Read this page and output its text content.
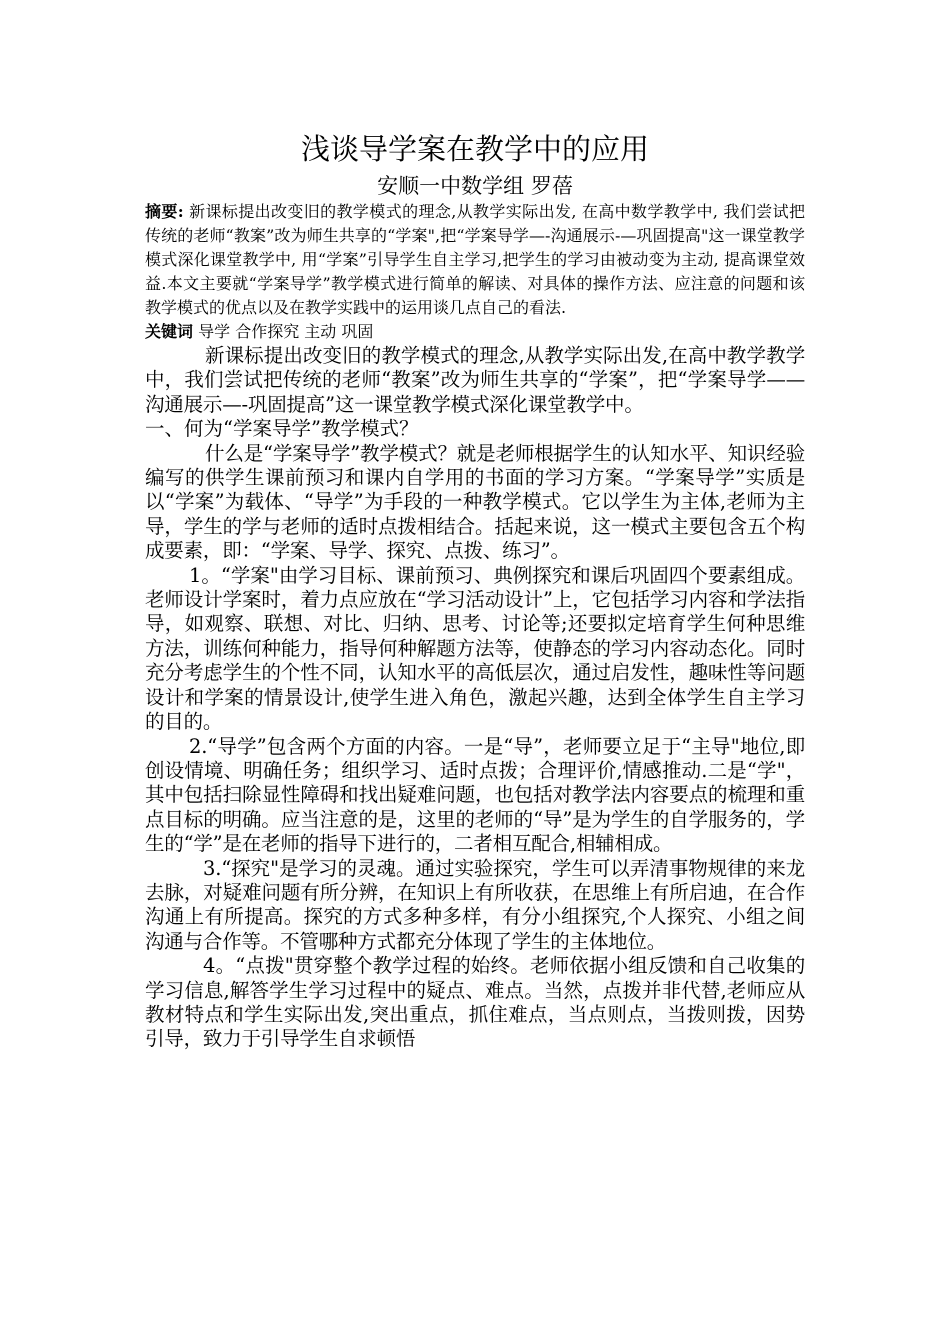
浅谈导学案在教学中的应用

安顺一中数学组 罗蓓

摘要: 新课标提出改变旧的教学模式的理念,从教学实际出发, 在高中数学教学中, 我们尝试把传统的老师“教案”改为师生共享的“学案",把“学案导学—-沟通展示-—巩固提高"这一课堂教学模式深化课堂教学中, 用“学案”引导学生自主学习,把学生的学习由被动变为主动, 提高课堂效益.本文主要就“学案导学”教学模式进行简单的解读、对具体的操作方法、应注意的问题和该教学模式的优点以及在教学实践中的运用谈几点自己的看法.

关键词 导学 合作探究 主动 巩固

新课标提出改变旧的教学模式的理念,从教学实际出发,在高中教学教学中，我们尝试把传统的老师“教案”改为师生共享的“学案”，把“学案导学——沟通展示—-巩固提高”这一课堂教学模式深化课堂教学中。

一、何为“学案导学”教学模式？

什么是“学案导学”教学模式？就是老师根据学生的认知水平、知识经验编写的供学生课前预习和课内自学用的书面的学习方案。“学案导学”实质是以“学案”为载体、“导学”为手段的一种教学模式。它以学生为主体,老师为主导，学生的学与老师的适时点拨相结合。括起来说，这一模式主要包含五个构成要素，即：“学案、导学、探究、点拨、练习”。

1。“学案"由学习目标、课前预习、典例探究和课后巩固四个要素组成。老师设计学案时，着力点应放在“学习活动设计”上，它包括学习内容和学法指导，如观察、联想、对比、归纳、思考、讨论等;还要拟定培育学生何种思维方法，训练何种能力，指导何种解题方法等，使静态的学习内容动态化。同时充分考虑学生的个性不同，认知水平的高低层次，通过启发性，趣味性等问题设计和学案的情景设计,使学生进入角色，激起兴趣，达到全体学生自主学习的目的。

2.“导学”包含两个方面的内容。一是“导”，老师要立足于“主导"地位,即创设情境、明确任务；组织学习、适时点拨；合理评价,情感推动.二是“学"，其中包括扫除显性障碍和找出疑难问题，也包括对教学法内容要点的梳理和重点目标的明确。应当注意的是，这里的老师的“导”是为学生的自学服务的，学生的“学”是在老师的指导下进行的，二者相互配合,相辅相成。

3.“探究"是学习的灵魂。通过实验探究，学生可以弄清事物规律的来龙去脉，对疑难问题有所分辨，在知识上有所收获，在思维上有所启迪，在合作沟通上有所提高。探究的方式多种多样，有分小组探究,个人探究、小组之间沟通与合作等。不管哪种方式都充分体现了学生的主体地位。

4。“点拨"贯穿整个教学过程的始终。老师依据小组反馈和自己收集的学习信息,解答学生学习过程中的疑点、难点。当然，点拨并非代替,老师应从教材特点和学生实际出发,突出重点，抓住难点，当点则点，当拨则拨，因势引导，致力于引导学生自求顿悟
